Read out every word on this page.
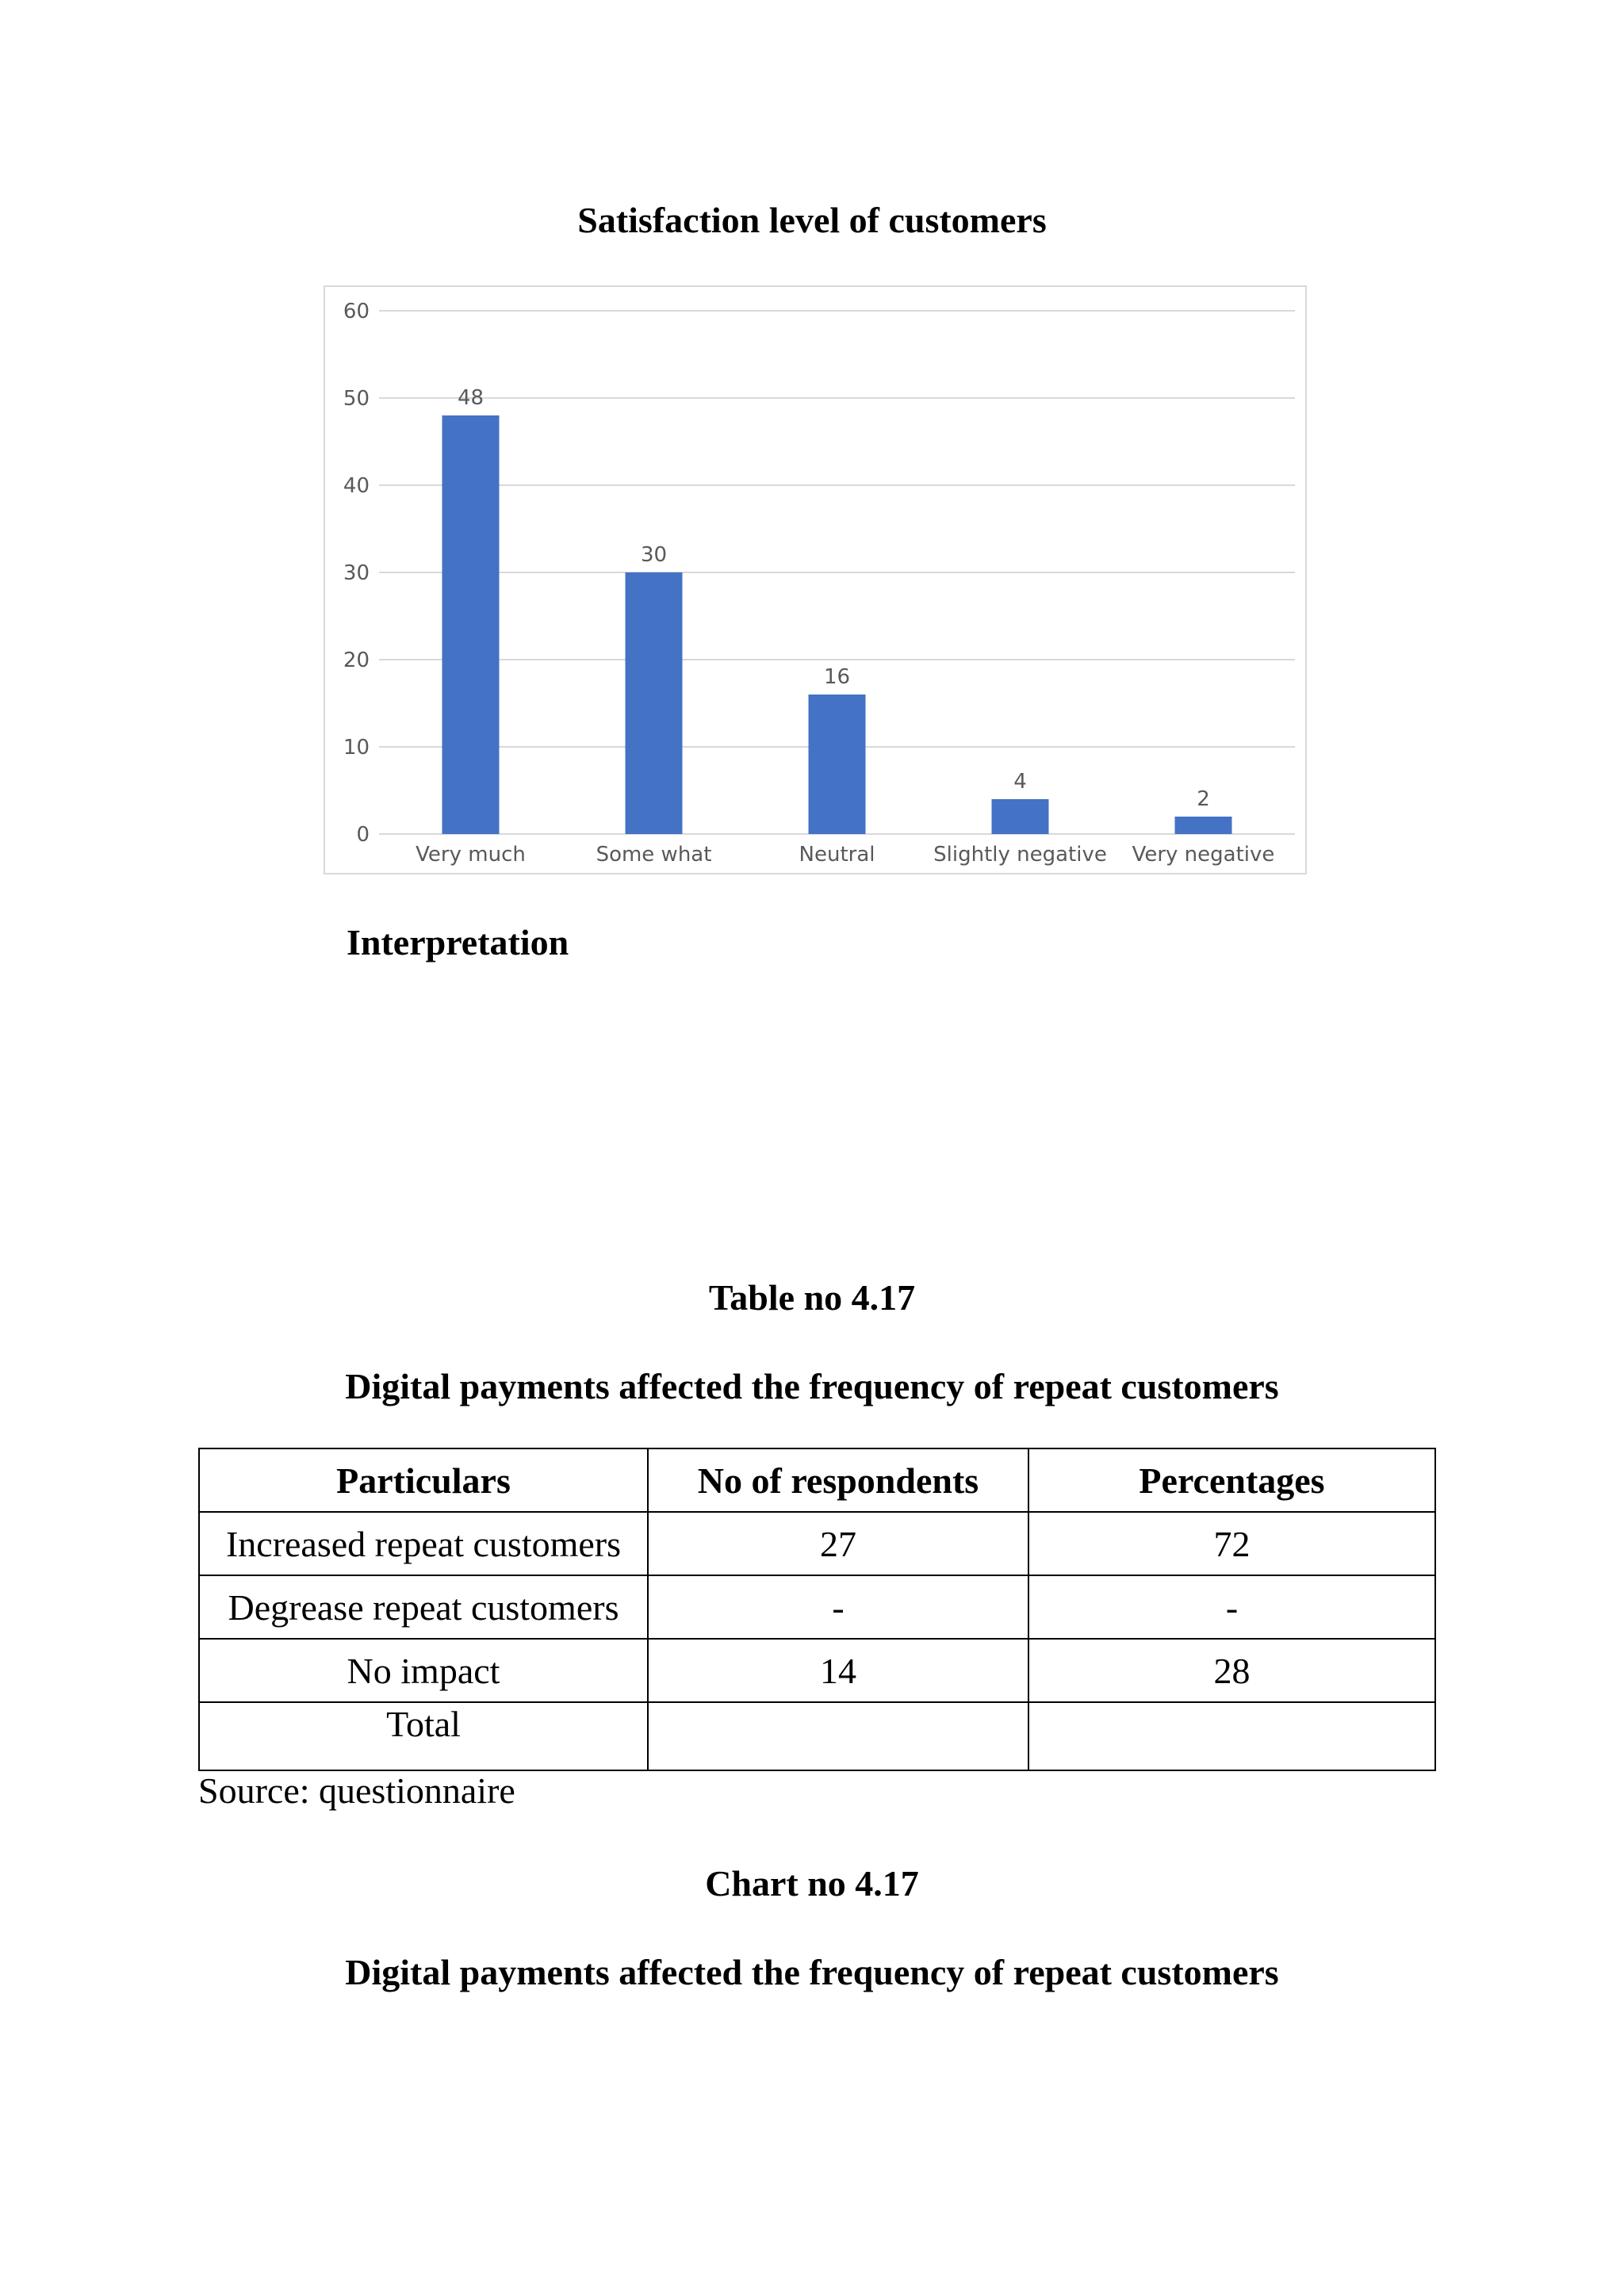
Satisfaction level of customers
0
10
20
30
40
50
60
48
Very much
30
Some what
16
Neutral
4
Slightly negative
2
Very negative
Interpretation
Table no 4.17
Digital payments affected the frequency of repeat customers
Particulars	No of respondents	Percentages
Increased repeat customers	27	72
Degrease repeat customers	-	-
No impact	14	28
Total		
Source: questionnaire
Chart no 4.17
Digital payments affected the frequency of repeat customers
